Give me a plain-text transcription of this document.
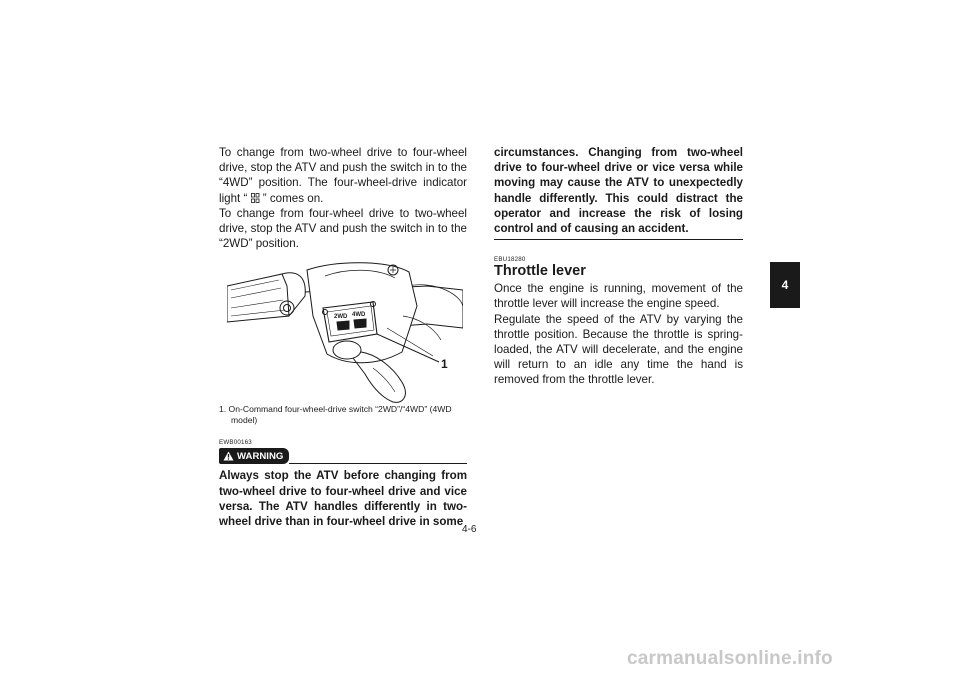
To change from two-wheel drive to four-wheel drive, stop the ATV and push the switch in to the “4WD” position. The four-wheel-drive indicator light “  ” comes on.

To change from four-wheel drive to two-wheel drive, stop the ATV and push the switch in to the “2WD” position.

2WD 4WD
1

1. On-Command four-wheel-drive switch “2WD”/“4WD” (4WD model)

EWB00163

WARNING

Always stop the ATV before changing from two-wheel drive to four-wheel drive and vice versa. The ATV handles differently in two-wheel drive than in four-wheel drive in some

circumstances. Changing from two-wheel drive to four-wheel drive or vice versa while moving may cause the ATV to unexpectedly handle differently. This could distract the operator and increase the risk of losing control and of causing an accident.

EBU18280

Throttle lever

Once the engine is running, movement of the throttle lever will increase the engine speed.

Regulate the speed of the ATV by varying the throttle position. Because the throttle is spring-loaded, the ATV will decelerate, and the engine will return to an idle any time the hand is removed from the throttle lever.

4-6
4
carmanualsonline.info
